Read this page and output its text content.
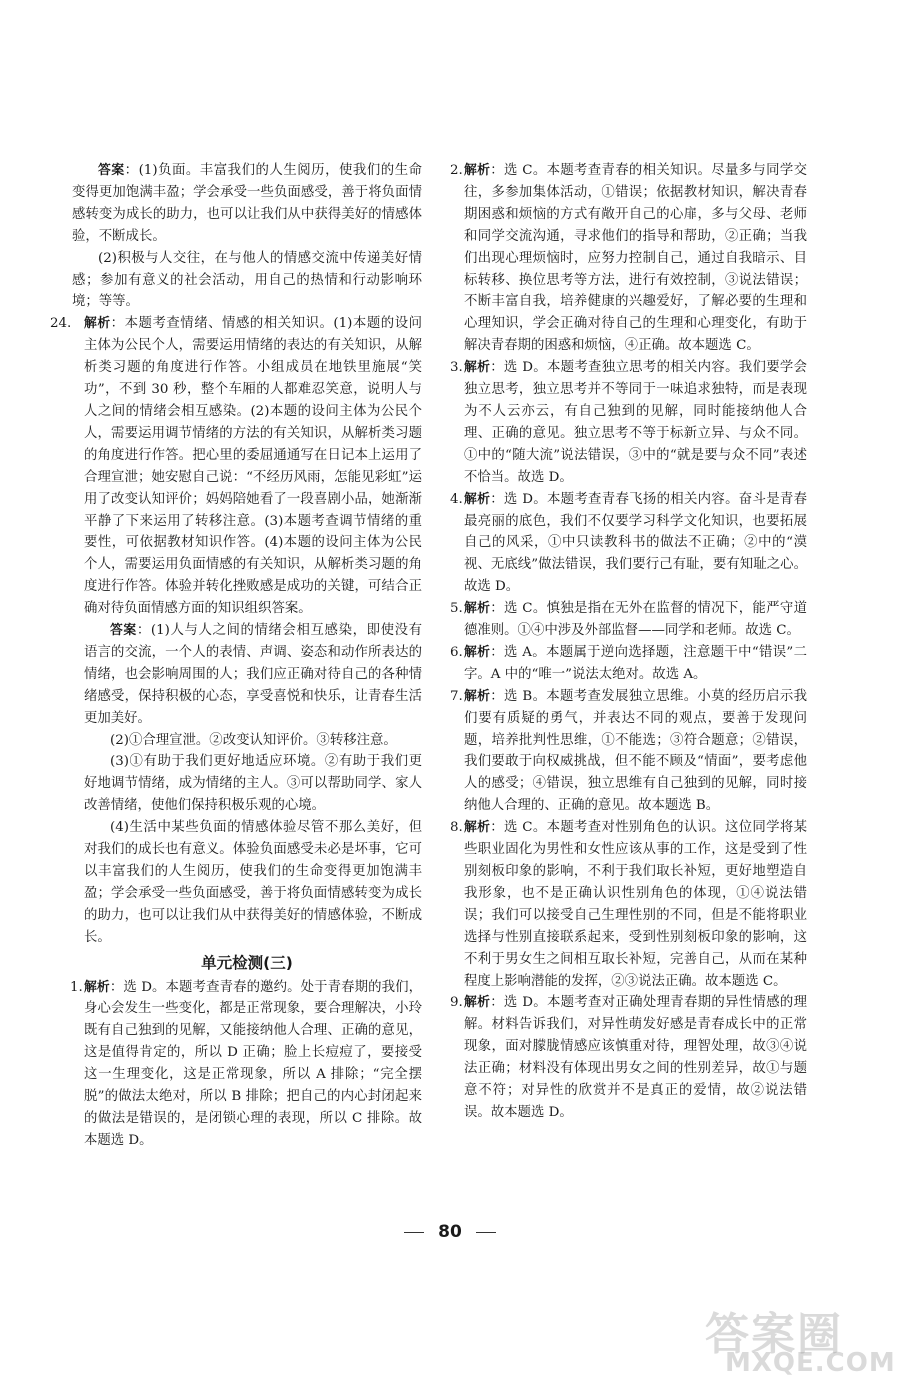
答案：(1)负面。丰富我们的人生阅历，使我们的生命变得更加饱满丰盈；学会承受一些负面感受，善于将负面情感转变为成长的助力，也可以让我们从中获得美好的情感体验，不断成长。

(2)积极与人交往，在与他人的情感交流中传递美好情感；参加有意义的社会活动，用自己的热情和行动影响环境；等等。

24. 解析：本题考查情绪、情感的相关知识。(1)本题的设问主体为公民个人，需要运用情绪的表达的有关知识，从解析类习题的角度进行作答。小组成员在地铁里施展“笑功”，不到 30 秒，整个车厢的人都难忍笑意，说明人与人之间的情绪会相互感染。(2)本题的设问主体为公民个人，需要运用调节情绪的方法的有关知识，从解析类习题的角度进行作答。把心里的委屈通通写在日记本上运用了合理宣泄；她安慰自己说：“不经历风雨，怎能见彩虹”运用了改变认知评价；妈妈陪她看了一段喜剧小品，她渐渐平静了下来运用了转移注意。(3)本题考查调节情绪的重要性，可依据教材知识作答。(4)本题的设问主体为公民个人，需要运用负面情感的有关知识，从解析类习题的角度进行作答。体验并转化挫败感是成功的关键，可结合正确对待负面情感方面的知识组织答案。

答案：(1)人与人之间的情绪会相互感染，即使没有语言的交流，一个人的表情、声调、姿态和动作所表达的情绪，也会影响周围的人；我们应正确对待自己的各种情绪感受，保持积极的心态，享受喜悦和快乐，让青春生活更加美好。

(2)①合理宣泄。②改变认知评价。③转移注意。

(3)①有助于我们更好地适应环境。②有助于我们更好地调节情绪，成为情绪的主人。③可以帮助同学、家人改善情绪，使他们保持积极乐观的心境。

(4)生活中某些负面的情感体验尽管不那么美好，但对我们的成长也有意义。体验负面感受未必是坏事，它可以丰富我们的人生阅历，使我们的生命变得更加饱满丰盈；学会承受一些负面感受，善于将负面情感转变为成长的助力，也可以让我们从中获得美好的情感体验，不断成长。

单元检测(三)
1. 解析：选 D。本题考查青春的邀约。处于青春期的我们，身心会发生一些变化，都是正常现象，要合理解决，小玲既有自己独到的见解，又能接纳他人合理、正确的意见，这是值得肯定的，所以 D 正确；脸上长痘痘了，要接受这一生理变化，这是正常现象，所以 A 排除；“完全摆脱”的做法太绝对，所以 B 排除；把自己的内心封闭起来的做法是错误的，是闭锁心理的表现，所以 C 排除。故本题选 D。

2. 解析：选 C。本题考查青春的相关知识。尽量多与同学交往，多参加集体活动，①错误；依据教材知识，解决青春期困惑和烦恼的方式有敞开自己的心扉，多与父母、老师和同学交流沟通，寻求他们的指导和帮助，②正确；当我们出现心理烦恼时，应努力控制自己，通过自我暗示、目标转移、换位思考等方法，进行有效控制，③说法错误；不断丰富自我，培养健康的兴趣爱好，了解必要的生理和心理知识，学会正确对待自己的生理和心理变化，有助于解决青春期的困惑和烦恼，④正确。故本题选 C。

3. 解析：选 D。本题考查独立思考的相关内容。我们要学会独立思考，独立思考并不等同于一味追求独特，而是表现为不人云亦云，有自己独到的见解，同时能接纳他人合理、正确的意见。独立思考不等于标新立异、与众不同。①中的“随大流”说法错误，③中的“就是要与众不同”表述不恰当。故选 D。

4. 解析：选 D。本题考查青春飞扬的相关内容。奋斗是青春最亮丽的底色，我们不仅要学习科学文化知识，也要拓展自己的风采，①中只读教科书的做法不正确；②中的“漠视、无底线”做法错误，我们要行己有耻，要有知耻之心。故选 D。

5. 解析：选 C。慎独是指在无外在监督的情况下，能严守道德准则。①④中涉及外部监督——同学和老师。故选 C。

6. 解析：选 A。本题属于逆向选择题，注意题干中“错误”二字。A 中的“唯一”说法太绝对。故选 A。

7. 解析：选 B。本题考查发展独立思维。小莫的经历启示我们要有质疑的勇气，并表达不同的观点，要善于发现问题，培养批判性思维，①不能选；③符合题意；②错误，我们要敢于向权威挑战，但不能不顾及“情面”，要考虑他人的感受；④错误，独立思维有自己独到的见解，同时接纳他人合理的、正确的意见。故本题选 B。

8. 解析：选 C。本题考查对性别角色的认识。这位同学将某些职业固化为男性和女性应该从事的工作，这是受到了性别刻板印象的影响，不利于我们取长补短，更好地塑造自我形象，也不是正确认识性别角色的体现，①④说法错误；我们可以接受自己生理性别的不同，但是不能将职业选择与性别直接联系起来，受到性别刻板印象的影响，这不利于男女生之间相互取长补短，完善自己，从而在某种程度上影响潜能的发挥，②③说法正确。故本题选 C。

9. 解析：选 D。本题考查对正确处理青春期的异性情感的理解。材料告诉我们，对异性萌发好感是青春成长中的正常现象，面对朦胧情感应该慎重对待，理智处理，故③④说法正确；材料没有体现出男女之间的性别差异，故①与题意不符；对异性的欣赏并不是真正的爱情，故②说法错误。故本题选 D。

80
答案圈
MXQE.COM
